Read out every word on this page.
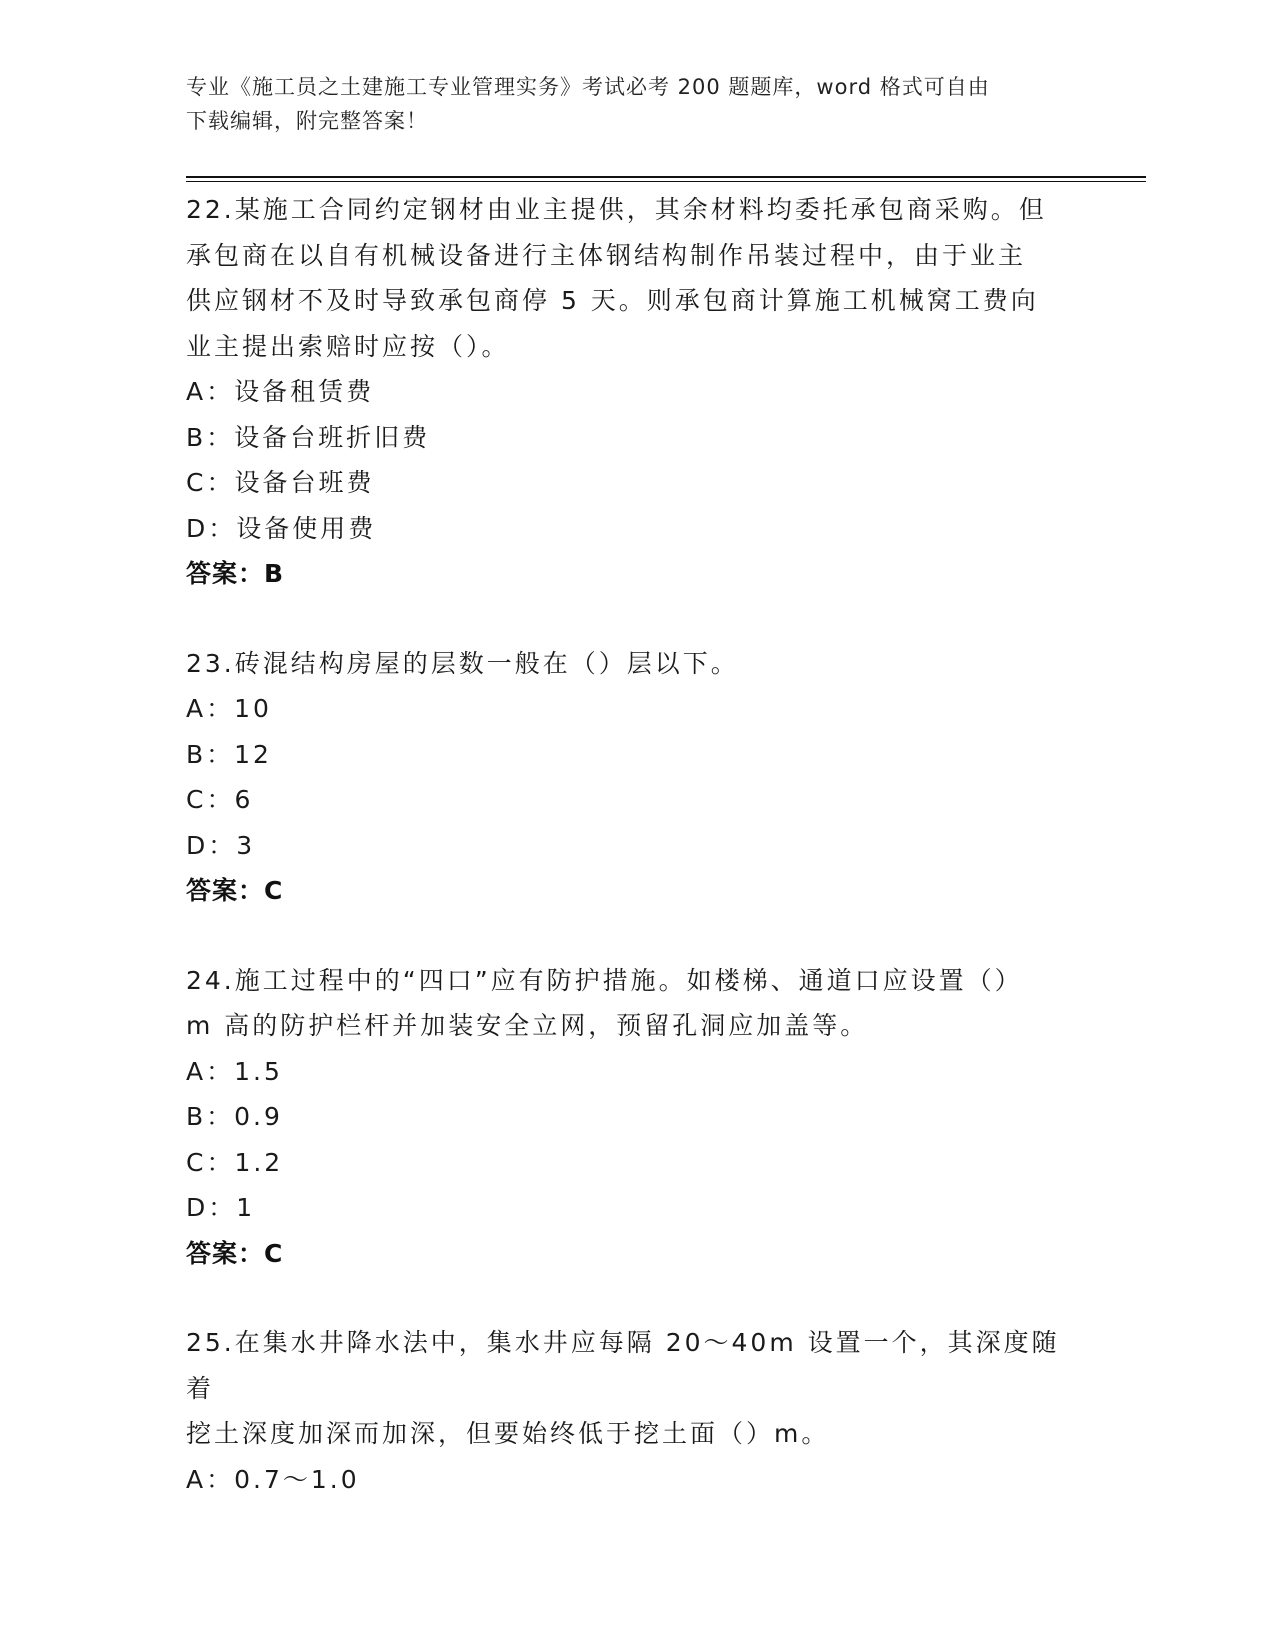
专业《施工员之土建施工专业管理实务》考试必考 200 题题库，word 格式可自由
下载编辑，附完整答案！
22.某施工合同约定钢材由业主提供，其余材料均委托承包商采购。但
承包商在以自有机械设备进行主体钢结构制作吊装过程中，由于业主
供应钢材不及时导致承包商停 5 天。则承包商计算施工机械窝工费向
业主提出索赔时应按（）。
A：设备租赁费
B：设备台班折旧费
C：设备台班费
D：设备使用费
答案：B
23.砖混结构房屋的层数一般在（）层以下。
A：10
B：12
C：6
D：3
答案：C
24.施工过程中的“四口”应有防护措施。如楼梯、通道口应设置（）
m 高的防护栏杆并加装安全立网，预留孔洞应加盖等。
A：1.5
B：0.9
C：1.2
D：1
答案：C
25.在集水井降水法中，集水井应每隔 20～40m 设置一个，其深度随着
挖土深度加深而加深，但要始终低于挖土面（）m。
A：0.7～1.0
